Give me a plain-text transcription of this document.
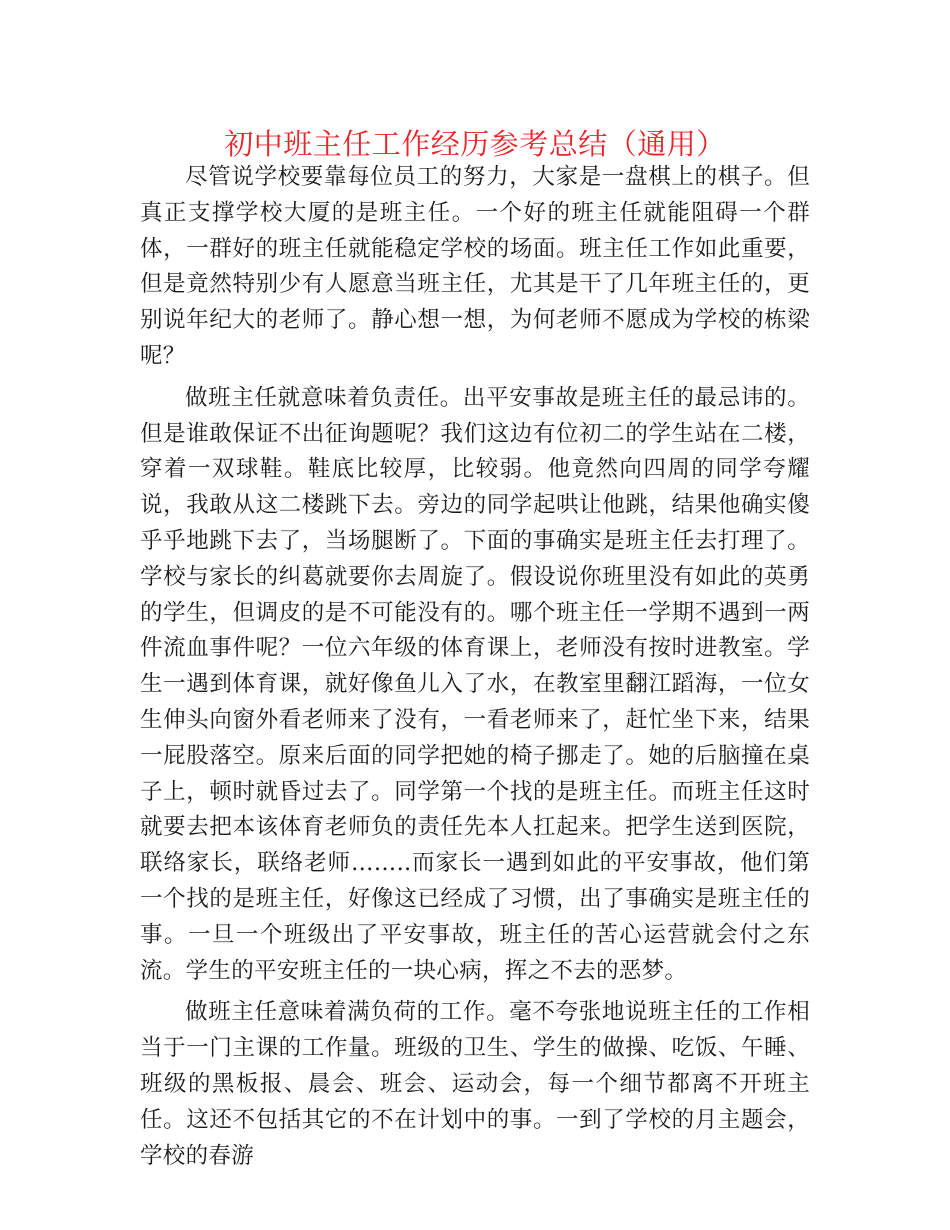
初中班主任工作经历参考总结（通用）

尽管说学校要靠每位员工的努力，大家是一盘棋上的棋子。但真正支撑学校大厦的是班主任。一个好的班主任就能阻碍一个群体，一群好的班主任就能稳定学校的场面。班主任工作如此重要，但是竟然特别少有人愿意当班主任，尤其是干了几年班主任的，更别说年纪大的老师了。静心想一想，为何老师不愿成为学校的栋梁呢？

做班主任就意味着负责任。出平安事故是班主任的最忌讳的。但是谁敢保证不出征询题呢？我们这边有位初二的学生站在二楼，穿着一双球鞋。鞋底比较厚，比较弱。他竟然向四周的同学夸耀说，我敢从这二楼跳下去。旁边的同学起哄让他跳，结果他确实傻乎乎地跳下去了，当场腿断了。下面的事确实是班主任去打理了。学校与家长的纠葛就要你去周旋了。假设说你班里没有如此的英勇的学生，但调皮的是不可能没有的。哪个班主任一学期不遇到一两件流血事件呢？一位六年级的体育课上，老师没有按时进教室。学生一遇到体育课，就好像鱼儿入了水，在教室里翻江蹈海，一位女生伸头向窗外看老师来了没有，一看老师来了，赶忙坐下来，结果一屁股落空。原来后面的同学把她的椅子挪走了。她的后脑撞在桌子上，顿时就昏过去了。同学第一个找的是班主任。而班主任这时就要去把本该体育老师负的责任先本人扛起来。把学生送到医院，联络家长，联络老师……..而家长一遇到如此的平安事故，他们第一个找的是班主任，好像这已经成了习惯，出了事确实是班主任的事。一旦一个班级出了平安事故，班主任的苦心运营就会付之东流。学生的平安班主任的一块心病，挥之不去的恶梦。

做班主任意味着满负荷的工作。毫不夸张地说班主任的工作相当于一门主课的工作量。班级的卫生、学生的做操、吃饭、午睡、班级的黑板报、晨会、班会、运动会，每一个细节都离不开班主任。这还不包括其它的不在计划中的事。一到了学校的月主题会，学校的春游
